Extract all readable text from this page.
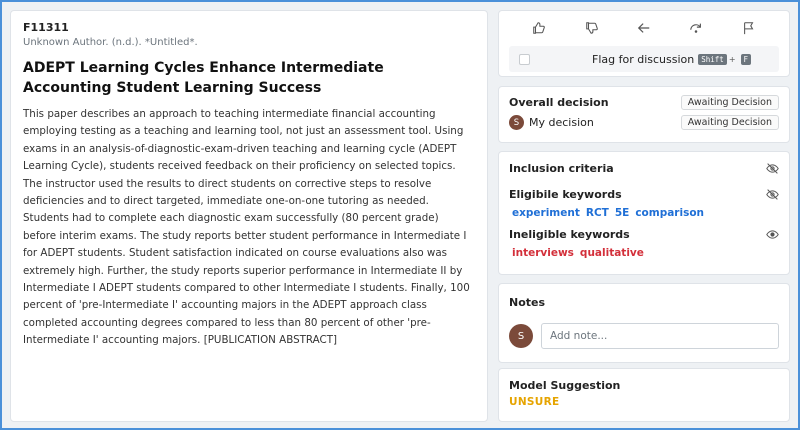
F11311
Unknown Author. (n.d.). *Untitled*.
ADEPT Learning Cycles Enhance Intermediate Accounting Student Learning Success
This paper describes an approach to teaching intermediate financial accounting employing testing as a teaching and learning tool, not just an assessment tool. Using exams in an analysis-of-diagnostic-exam-driven teaching and learning cycle (ADEPT Learning Cycle), students received feedback on their proficiency on selected topics. The instructor used the results to direct students on corrective steps to resolve deficiencies and to direct targeted, immediate one-on-one tutoring as needed. Students had to complete each diagnostic exam successfully (80 percent grade) before interim exams. The study reports better student performance in Intermediate I for ADEPT students. Student satisfaction indicated on course evaluations also was extremely high. Further, the study reports superior performance in Intermediate II by Intermediate I ADEPT students compared to other Intermediate I students. Finally, 100 percent of 'pre-Intermediate I' accounting majors in the ADEPT approach class completed accounting degrees compared to less than 80 percent of other 'pre-Intermediate I' accounting majors. [PUBLICATION ABSTRACT]
Flag for discussion Shift +	F
Overall decision	Awaiting Decision
S My decision	Awaiting Decision
Inclusion criteria
Eligibile keywords
experiment RCT 5E comparison
Ineligible keywords
interviews qualitative
Notes
S
Add note...
Model Suggestion
UNSURE
